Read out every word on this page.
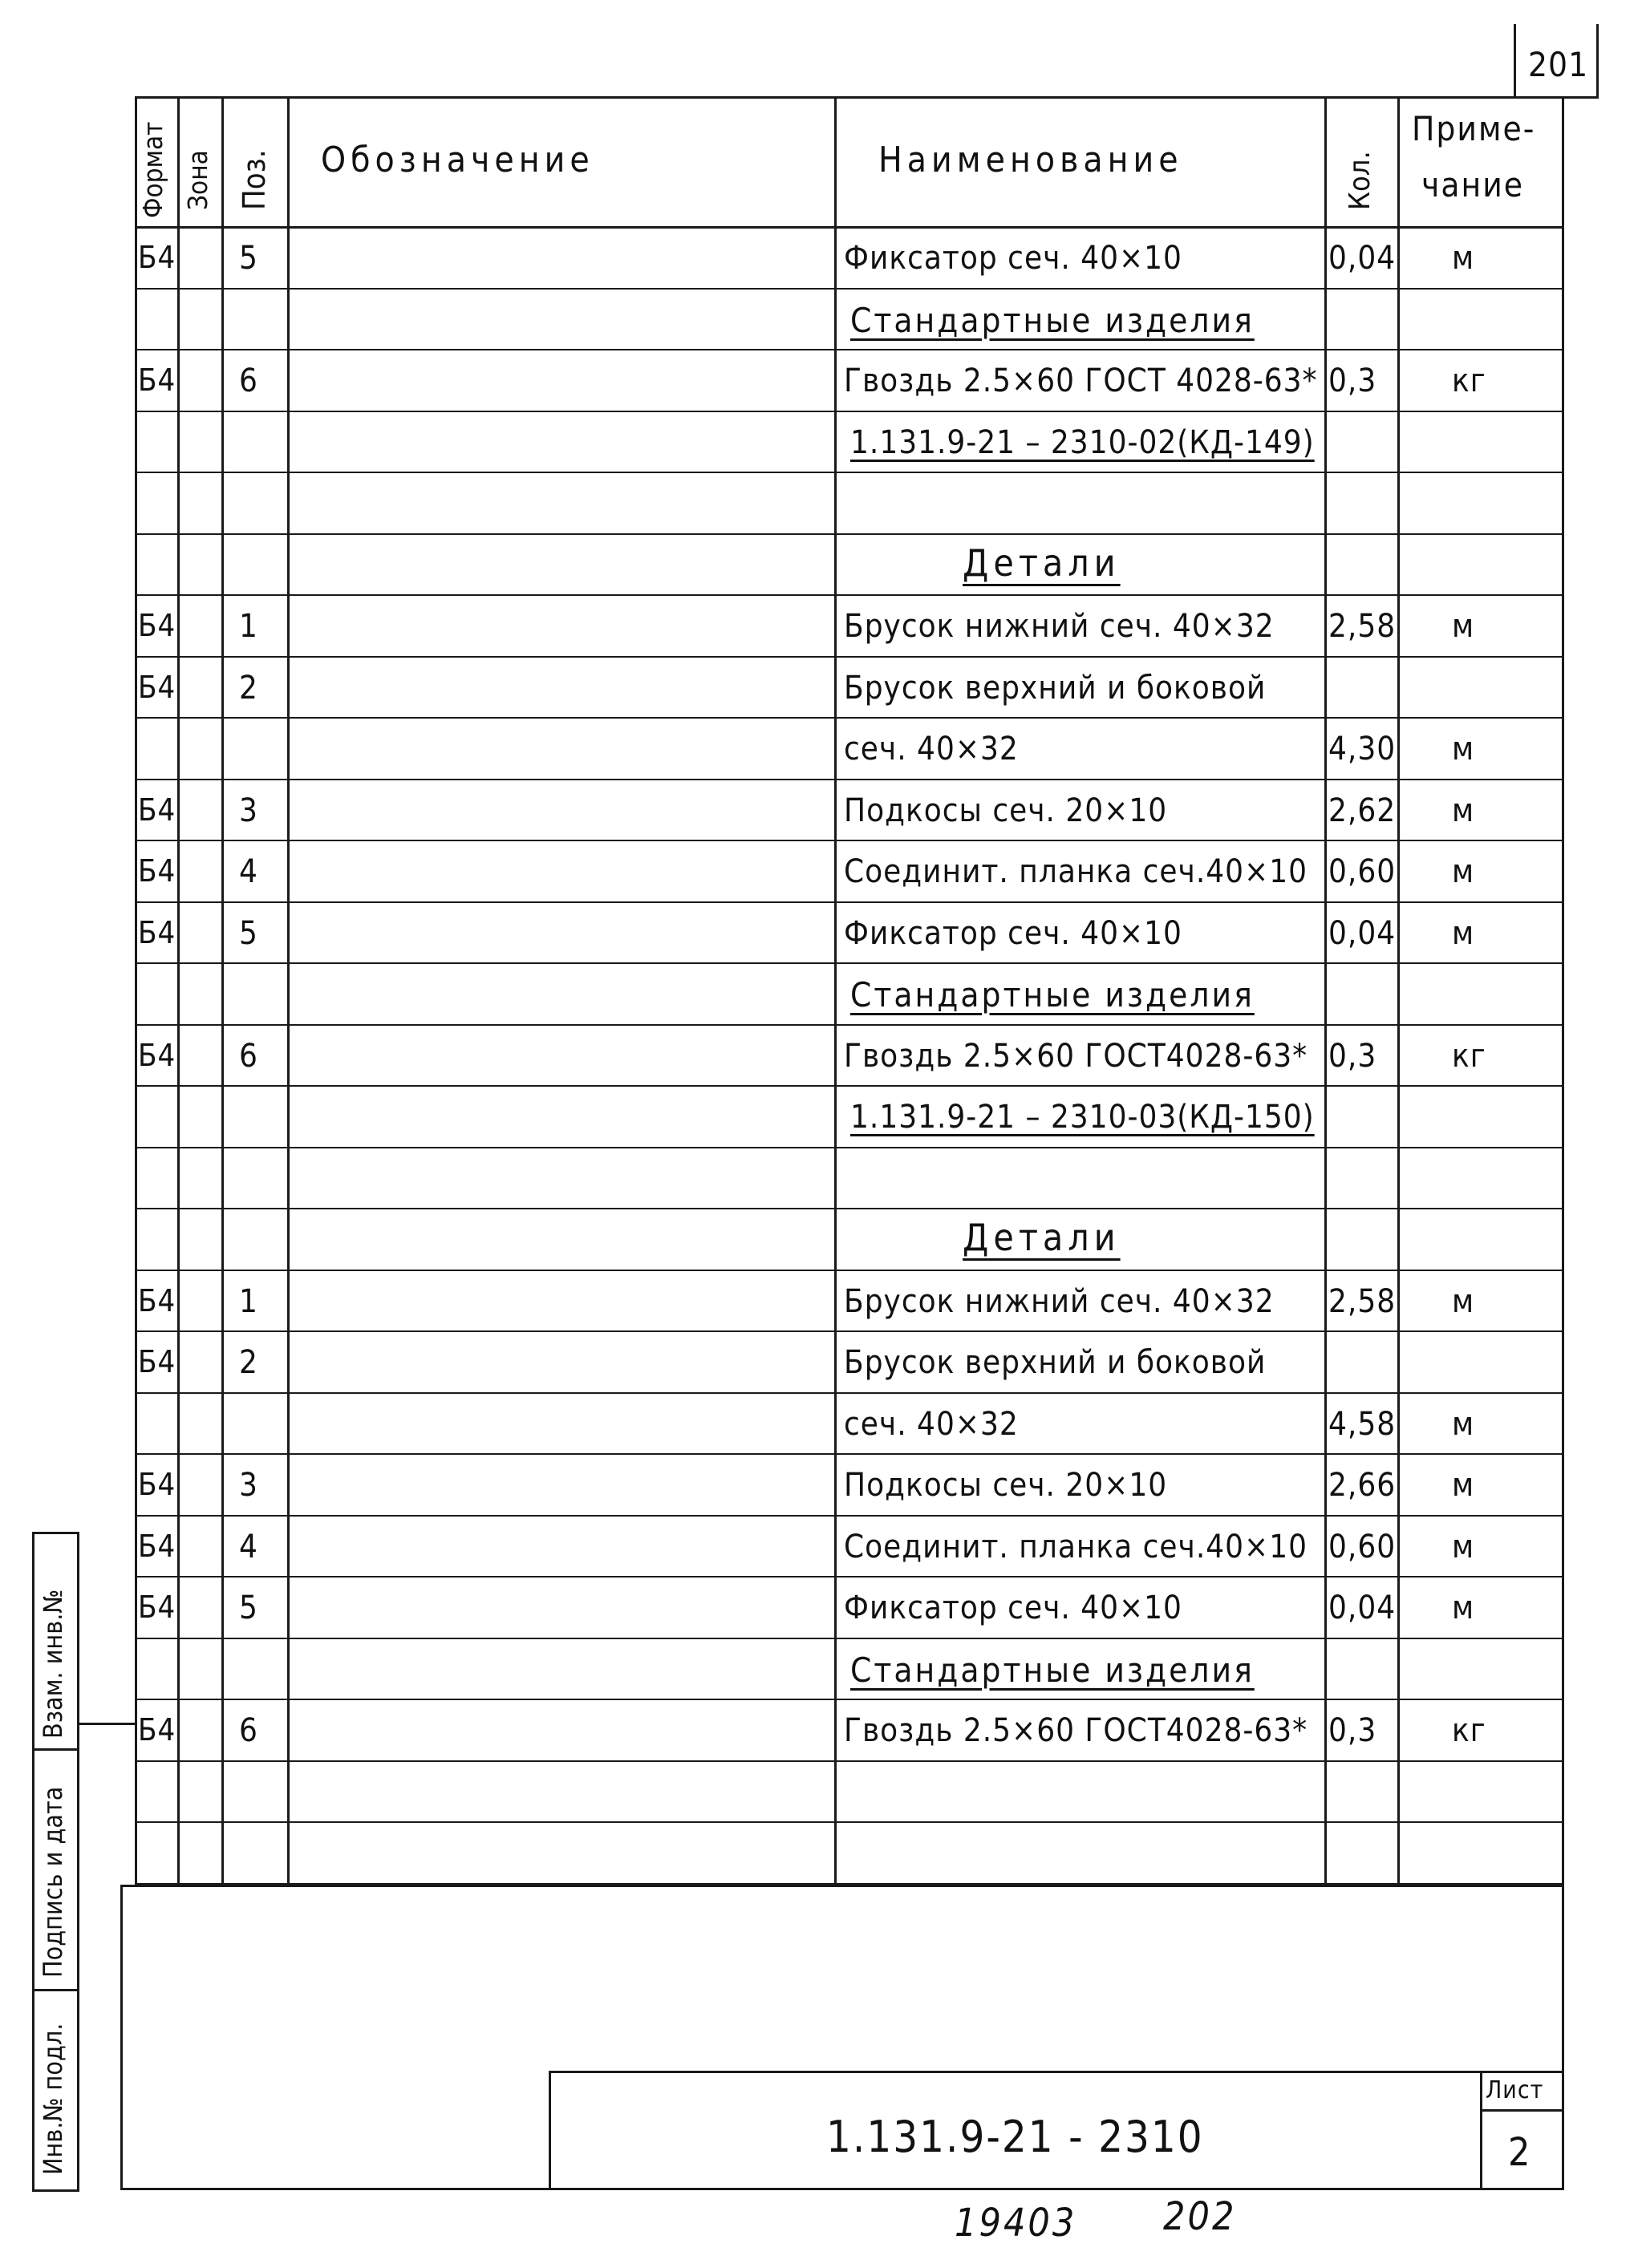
201
Формат Зона Поз. Обозначение	Наименование	Кол.
Приме-
чание
Б4 5	Фиксатор сеч. 40×10	0,04 м
Стандартные изделия
Б4 6	Гвоздь 2.5×60 ГОСТ 4028-63* 0,3 кг
1.131.9-21 – 2310-02(КД-149)
Детали
Б4 1	Брусок нижний сеч. 40×32 2,58 м
Б4 2	Брусок верхний и боковой
сеч. 40×32	4,30 м
Б4 3	Подкосы сеч. 20×10	2,62 м
Б4 4	Соединит. планка сеч.40×10 0,60 м
Б4 5	Фиксатор сеч. 40×10	0,04 м
Стандартные изделия
Б4 6	Гвоздь 2.5×60 ГОСТ4028-63* 0,3 кг
1.131.9-21 – 2310-03(КД-150)
Детали
Б4 1	Брусок нижний сеч. 40×32 2,58 м
Б4 2	Брусок верхний и боковой
сеч. 40×32	4,58 м
Б4 3	Подкосы сеч. 20×10	2,66 м
Б4 4	Соединит. планка сеч.40×10 0,60 м
Б4 5	Фиксатор сеч. 40×10	0,04 м
Стандартные изделия
Б4 6	Гвоздь 2.5×60 ГОСТ4028-63* 0,3 кг
Взам. инв.№
Подпись и дата
Инв.№ подл.	1.131.9-21 - 2310
Лист
2
19403 202
